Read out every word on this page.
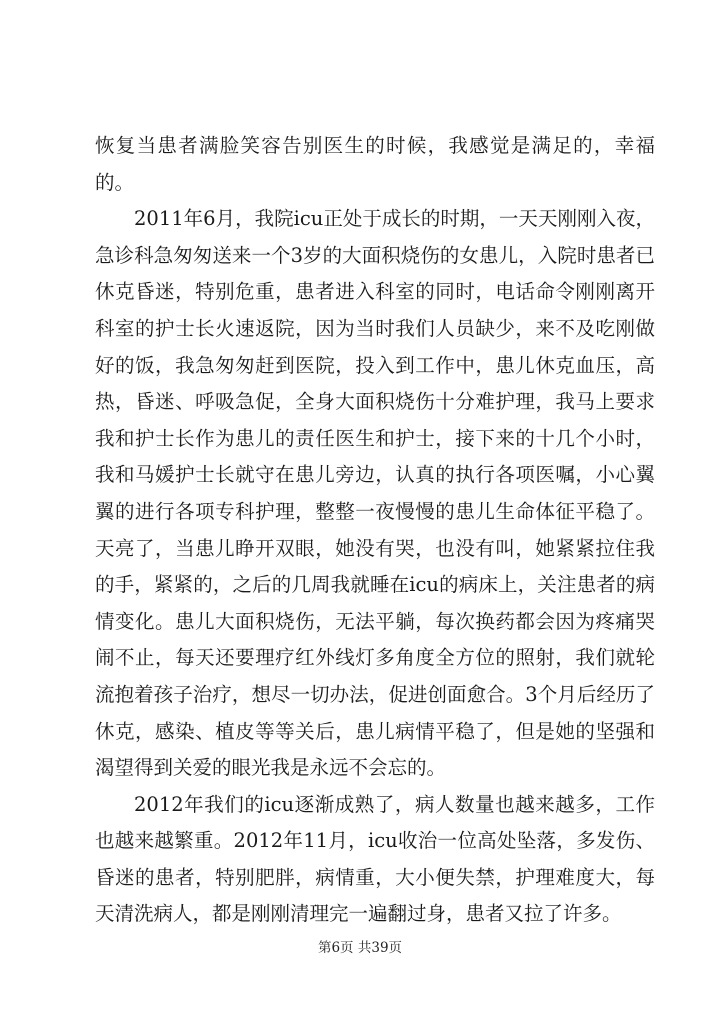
恢复当患者满脸笑容告别医生的时候，我感觉是满足的，幸福的。

2011年6月，我院icu正处于成长的时期，一天天刚刚入夜，急诊科急匆匆送来一个3岁的大面积烧伤的女患儿，入院时患者已休克昏迷，特别危重，患者进入科室的同时，电话命令刚刚离开科室的护士长火速返院，因为当时我们人员缺少，来不及吃刚做好的饭，我急匆匆赶到医院，投入到工作中，患儿休克血压，高热，昏迷、呼吸急促，全身大面积烧伤十分难护理，我马上要求我和护士长作为患儿的责任医生和护士，接下来的十几个小时，我和马媛护士长就守在患儿旁边，认真的执行各项医嘱，小心翼翼的进行各项专科护理，整整一夜慢慢的患儿生命体征平稳了。天亮了，当患儿睁开双眼，她没有哭，也没有叫，她紧紧拉住我的手，紧紧的，之后的几周我就睡在icu的病床上，关注患者的病情变化。患儿大面积烧伤，无法平躺，每次换药都会因为疼痛哭闹不止，每天还要理疗红外线灯多角度全方位的照射，我们就轮流抱着孩子治疗，想尽一切办法，促进创面愈合。3个月后经历了休克，感染、植皮等等关后，患儿病情平稳了，但是她的坚强和渴望得到关爱的眼光我是永远不会忘的。

2012年我们的icu逐渐成熟了，病人数量也越来越多，工作也越来越繁重。2012年11月，icu收治一位高处坠落，多发伤、昏迷的患者，特别肥胖，病情重，大小便失禁，护理难度大，每天清洗病人，都是刚刚清理完一遍翻过身，患者又拉了许多。

第6页 共39页
